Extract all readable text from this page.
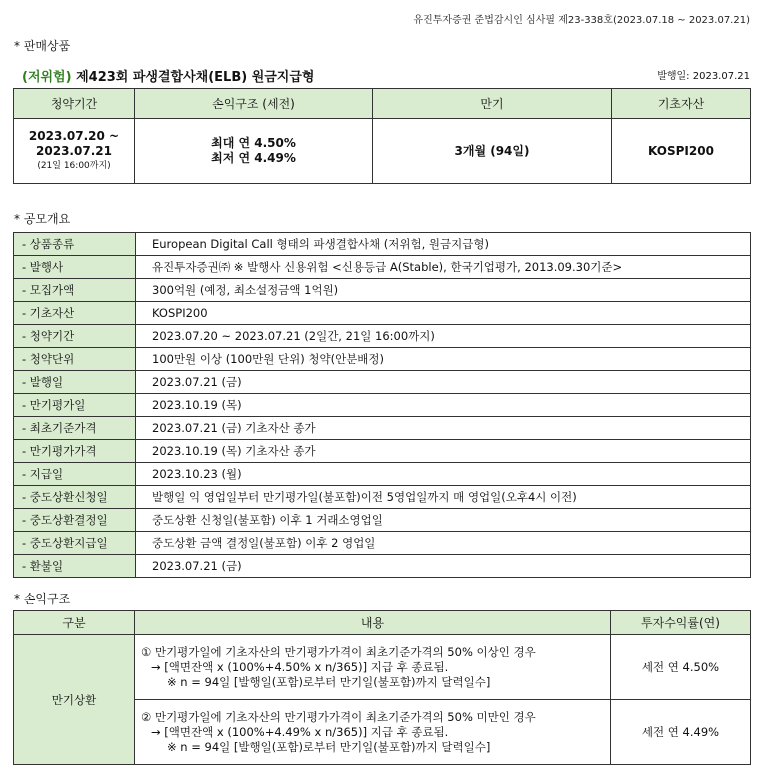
유진투자증권 준법감시인 심사필 제23-338호(2023.07.18 ~ 2023.07.21)
* 판매상품
(저위험) 제423회 파생결합사채(ELB) 원금지급형	발행일: 2023.07.21
청약기간	손익구조 (세전)	만기	기초자산
2023.07.20 ~
2023.07.21
(21일 16:00까지)	최대 연 4.50%
최저 연 4.49%	3개월 (94일)	KOSPI200
* 공모개요
- 상품종류	European Digital Call 형태의 파생결합사채 (저위험, 원금지급형)
- 발행사	유진투자증권㈜ ※ 발행사 신용위험 <신용등급 A(Stable), 한국기업평가, 2013.09.30기준>
- 모집가액	300억원 (예정, 최소설정금액 1억원)
- 기초자산	KOSPI200
- 청약기간	2023.07.20 ~ 2023.07.21 (2일간, 21일 16:00까지)
- 청약단위	100만원 이상 (100만원 단위) 청약(안분배정)
- 발행일	2023.07.21 (금)
- 만기평가일	2023.10.19 (목)
- 최초기준가격	2023.07.21 (금) 기초자산 종가
- 만기평가가격	2023.10.19 (목) 기초자산 종가
- 지급일	2023.10.23 (월)
- 중도상환신청일	발행일 익 영업일부터 만기평가일(불포함)이전 5영업일까지 매 영업일(오후4시 이전)
- 중도상환결정일	중도상환 신청일(불포함) 이후 1 거래소영업일
- 중도상환지급일	중도상환 금액 결정일(불포함) 이후 2 영업일
- 환불일	2023.07.21 (금)
* 손익구조
구분	내용	투자수익률(연)
만기상환	① 만기평가일에 기초자산의 만기평가가격이 최초기준가격의 50% 이상인 경우
→ [액면잔액 x (100%+4.50% x n/365)] 지급 후 종료됨.
※ n = 94일 [발행일(포함)로부터 만기일(불포함)까지 달력일수]	세전 연 4.50%
	② 만기평가일에 기초자산의 만기평가가격이 최초기준가격의 50% 미만인 경우
→ [액면잔액 x (100%+4.49% x n/365)] 지급 후 종료됨.
※ n = 94일 [발행일(포함)로부터 만기일(불포함)까지 달력일수]	세전 연 4.49%
